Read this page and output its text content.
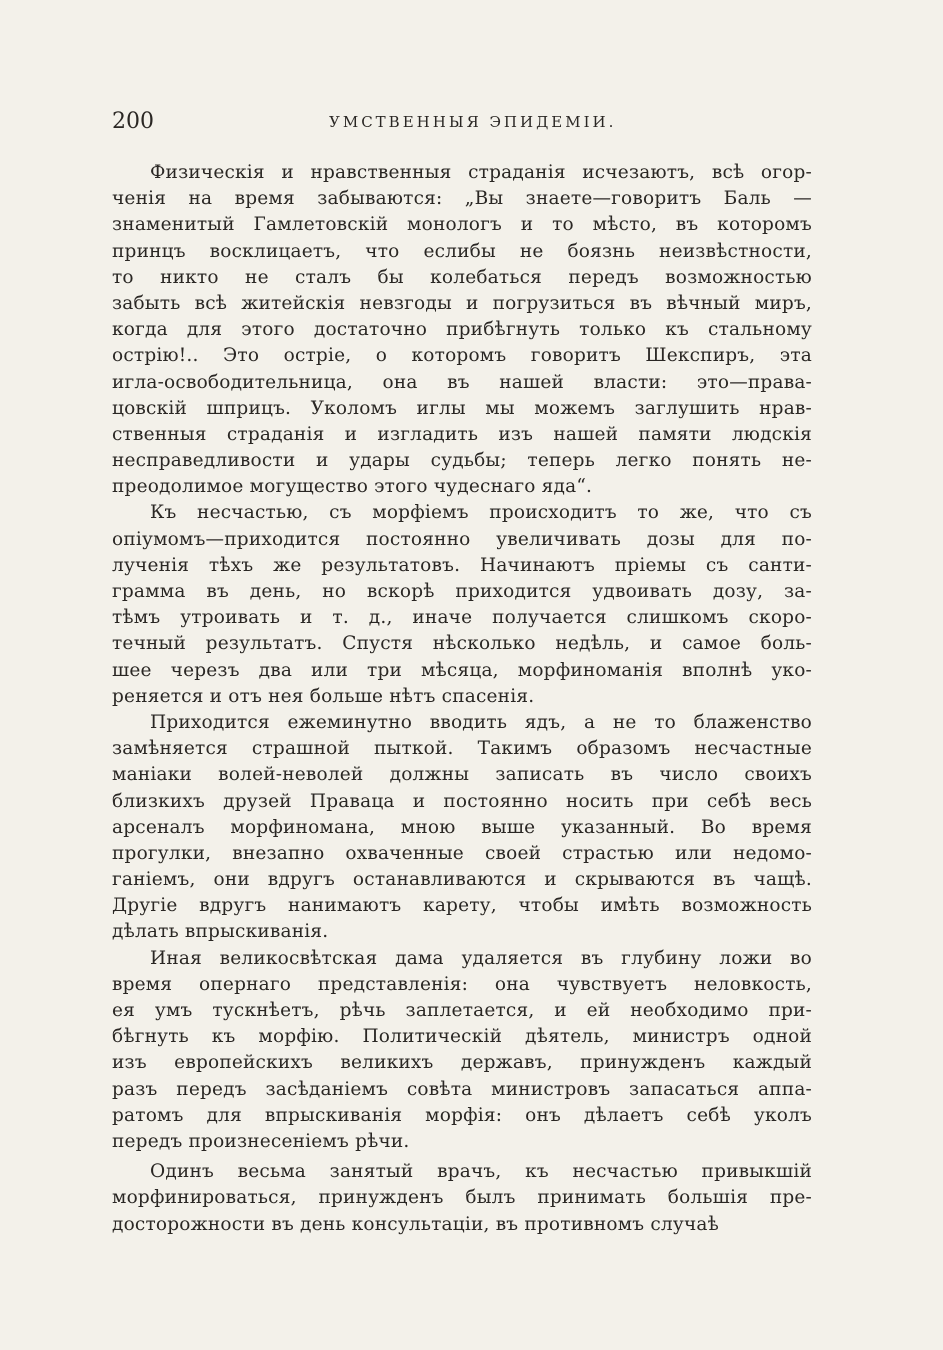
200	УМСТВЕННЫЯ ЭПИДЕМІИ.
Физическія и нравственныя страданія исчезаютъ, всѣ огор-
ченія на время забываются: „Вы знаете—говоритъ Баль —
знаменитый Гамлетовскій монологъ и то мѣсто, въ которомъ
принцъ восклицаетъ, что еслибы не боязнь неизвѣстности,
то никто не сталъ бы колебаться передъ возможностью
забыть всѣ житейскія невзгоды и погрузиться въ вѣчный миръ,
когда для этого достаточно прибѣгнуть только къ стальному
острію!.. Это остріе, о которомъ говоритъ Шекспиръ, эта
игла-освободительница, она въ нашей власти: это—права-
цовскій шприцъ. Уколомъ иглы мы можемъ заглушить нрав-
ственныя страданія и изгладить изъ нашей памяти людскія
несправедливости и удары судьбы; теперь легко понять не-
преодолимое могущество этого чудеснаго яда“.
Къ несчастью, съ морфіемъ происходитъ то же, что съ
опіумомъ—приходится постоянно увеличивать дозы для по-
лученія тѣхъ же результатовъ. Начинаютъ пріемы съ санти-
грамма въ день, но вскорѣ приходится удвоивать дозу, за-
тѣмъ утроивать и т. д., иначе получается слишкомъ скоро-
течный результатъ. Спустя нѣсколько недѣль, и самое боль-
шее черезъ два или три мѣсяца, морфиноманія вполнѣ уко-
реняется и отъ нея больше нѣтъ спасенія.
Приходится ежеминутно вводить ядъ, а не то блаженство
замѣняется страшной пыткой. Такимъ образомъ несчастные
маніаки волей-неволей должны записать въ число своихъ
близкихъ друзей Правацa и постоянно носить при себѣ весь
арсеналъ морфиномана, мною выше указанный. Во время
прогулки, внезапно охваченные своей страстью или недомо-
ганіемъ, они вдругъ останавливаются и скрываются въ чащѣ.
Другіе вдругъ нанимаютъ карету, чтобы имѣть возможность
дѣлать впрыскиванія.
Иная великосвѣтская дама удаляется въ глубину ложи во
время опернаго представленія: она чувствуетъ неловкость,
ея умъ тускнѣетъ, рѣчь заплетается, и ей необходимо при-
бѣгнуть къ морфію. Политическій дѣятель, министръ одной
изъ европейскихъ великихъ державъ, принужденъ каждый
разъ передъ засѣданіемъ совѣта министровъ запасаться аппа-
ратомъ для впрыскиванія морфія: онъ дѣлаетъ себѣ уколъ
передъ произнесеніемъ рѣчи.
Одинъ весьма занятый врачъ, къ несчастью привыкшій
морфинироваться, принужденъ былъ принимать большія пре-
досторожности въ день консультаціи, въ противномъ случаѣ
